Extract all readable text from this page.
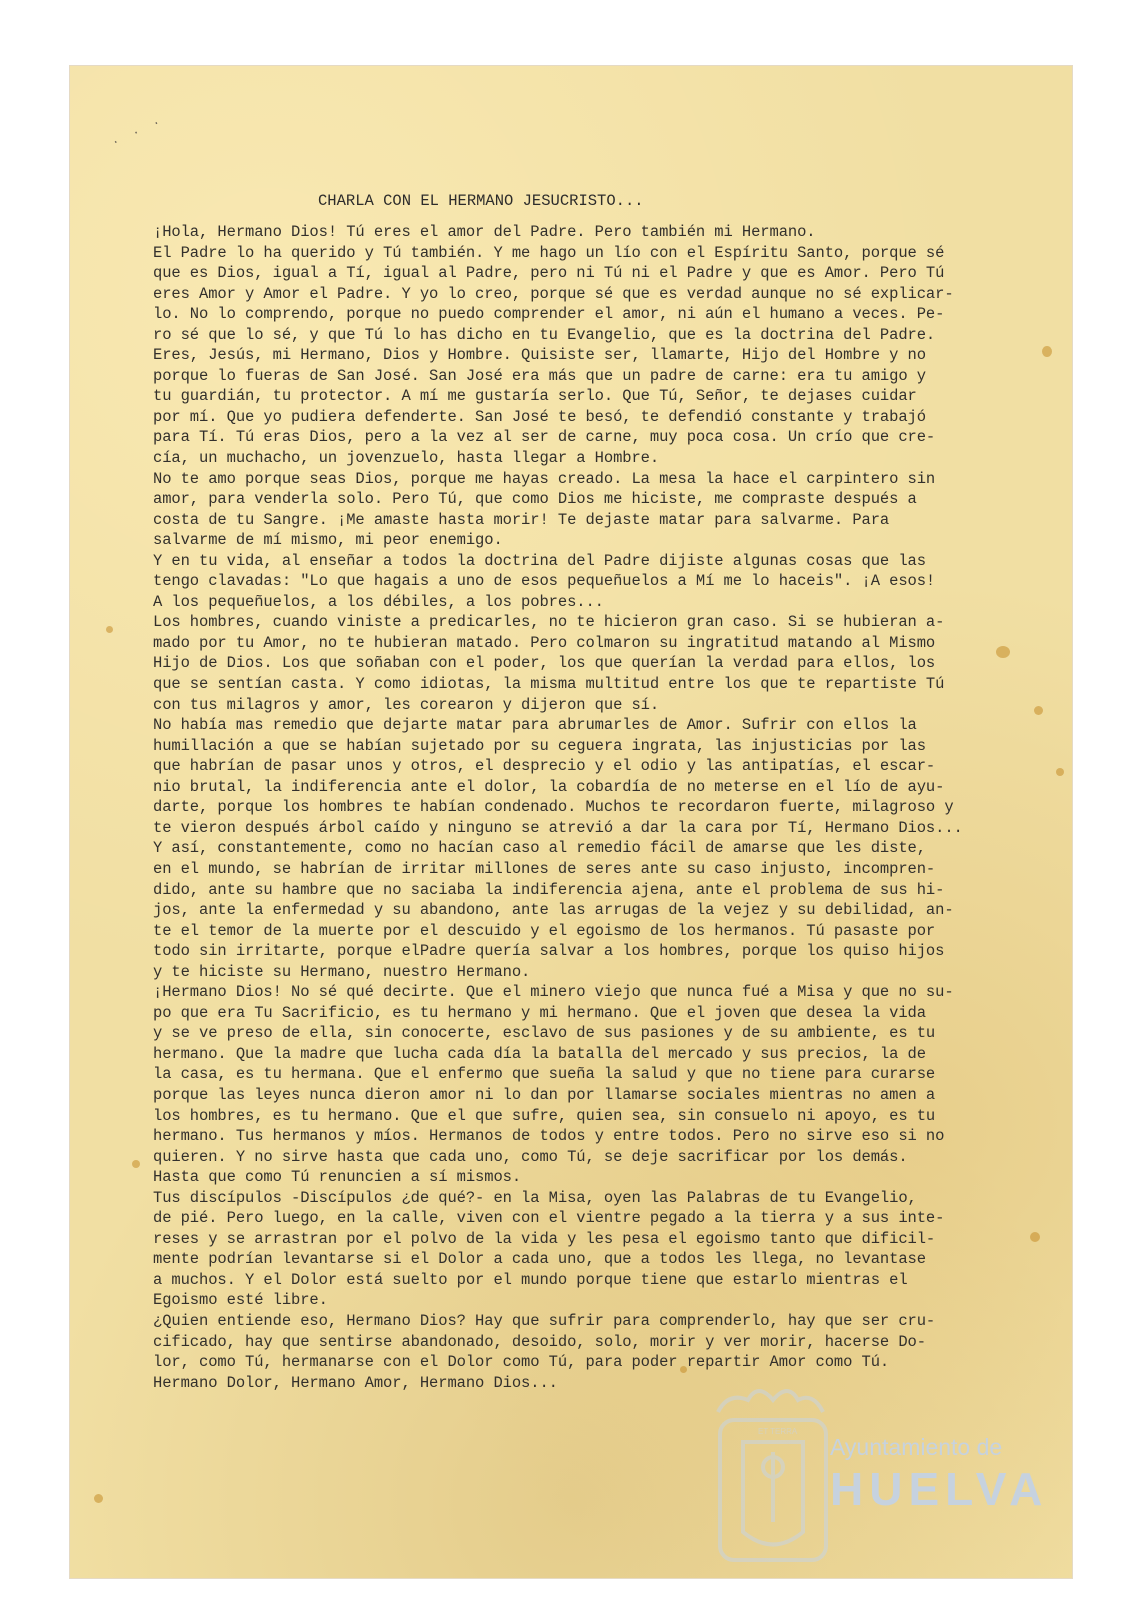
· · ·
CHARLA CON EL HERMANO JESUCRISTO...
¡Hola, Hermano Dios! Tú eres el amor del Padre. Pero también mi Hermano.
El Padre lo ha querido y Tú también. Y me hago un lío con el Espíritu Santo, porque sé
que es Dios, igual a Tí, igual al Padre, pero ni Tú ni el Padre y que es Amor. Pero Tú
eres Amor y Amor el Padre. Y yo lo creo, porque sé que es verdad aunque no sé explicar-
lo. No lo comprendo, porque no puedo comprender el amor, ni aún el humano a veces. Pe-
ro sé que lo sé, y que Tú lo has dicho en tu Evangelio, que es la doctrina del Padre.
Eres, Jesús, mi Hermano, Dios y Hombre. Quisiste ser, llamarte, Hijo del Hombre y no
porque lo fueras de San José. San José era más que un padre de carne: era tu amigo y
tu guardián, tu protector. A mí me gustaría serlo. Que Tú, Señor, te dejases cuidar
por mí. Que yo pudiera defenderte. San José te besó, te defendió constante y trabajó
para Tí. Tú eras Dios, pero a la vez al ser de carne, muy poca cosa. Un crío que cre-
cía, un muchacho, un jovenzuelo, hasta llegar a Hombre.
No te amo porque seas Dios, porque me hayas creado. La mesa la hace el carpintero sin
amor, para venderla solo. Pero Tú, que como Dios me hiciste, me compraste después a
costa de tu Sangre. ¡Me amaste hasta morir! Te dejaste matar para salvarme. Para
salvarme de mí mismo, mi peor enemigo.
Y en tu vida, al enseñar a todos la doctrina del Padre dijiste algunas cosas que las
tengo clavadas: "Lo que hagais a uno de esos pequeñuelos a Mí me lo haceis". ¡A esos!
A los pequeñuelos, a los débiles, a los pobres...
Los hombres, cuando viniste a predicarles, no te hicieron gran caso. Si se hubieran a-
mado por tu Amor, no te hubieran matado. Pero colmaron su ingratitud matando al Mismo
Hijo de Dios. Los que soñaban con el poder, los que querían la verdad para ellos, los
que se sentían casta. Y como idiotas, la misma multitud entre los que te repartiste Tú
con tus milagros y amor, les corearon y dijeron que sí.
No había mas remedio que dejarte matar para abrumarles de Amor. Sufrir con ellos la
humillación a que se habían sujetado por su ceguera ingrata, las injusticias por las
que habrían de pasar unos y otros, el desprecio y el odio y las antipatías, el escar-
nio brutal, la indiferencia ante el dolor, la cobardía de no meterse en el lío de ayu-
darte, porque los hombres te habían condenado. Muchos te recordaron fuerte, milagroso y
te vieron después árbol caído y ninguno se atrevió a dar la cara por Tí, Hermano Dios...
Y así, constantemente, como no hacían caso al remedio fácil de amarse que les diste,
en el mundo, se habrían de irritar millones de seres ante su caso injusto, incompren-
dido, ante su hambre que no saciaba la indiferencia ajena, ante el problema de sus hi-
jos, ante la enfermedad y su abandono, ante las arrugas de la vejez y su debilidad, an-
te el temor de la muerte por el descuido y el egoismo de los hermanos. Tú pasaste por
todo sin irritarte, porque elPadre quería salvar a los hombres, porque los quiso hijos
y te hiciste su Hermano, nuestro Hermano.
¡Hermano Dios! No sé qué decirte. Que el minero viejo que nunca fué a Misa y que no su-
po que era Tu Sacrificio, es tu hermano y mi hermano. Que el joven que desea la vida
y se ve preso de ella, sin conocerte, esclavo de sus pasiones y de su ambiente, es tu
hermano. Que la madre que lucha cada día la batalla del mercado y sus precios, la de
la casa, es tu hermana. Que el enfermo que sueña la salud y que no tiene para curarse
porque las leyes nunca dieron amor ni lo dan por llamarse sociales mientras no amen a
los hombres, es tu hermano. Que el que sufre, quien sea, sin consuelo ni apoyo, es tu
hermano. Tus hermanos y míos. Hermanos de todos y entre todos. Pero no sirve eso si no
quieren. Y no sirve hasta que cada uno, como Tú, se deje sacrificar por los demás.
Hasta que como Tú renuncien a sí mismos.
Tus discípulos -Discípulos ¿de qué?- en la Misa, oyen las Palabras de tu Evangelio,
de pié. Pero luego, en la calle, viven con el vientre pegado a la tierra y a sus inte-
reses y se arrastran por el polvo de la vida y les pesa el egoismo tanto que dificil-
mente podrían levantarse si el Dolor a cada uno, que a todos les llega, no levantase
a muchos. Y el Dolor está suelto por el mundo porque tiene que estarlo mientras el
Egoismo esté libre.
¿Quien entiende eso, Hermano Dios? Hay que sufrir para comprenderlo, hay que ser cru-
cificado, hay que sentirse abandonado, desoido, solo, morir y ver morir, hacerse Do-
lor, como Tú, hermanarse con el Dolor como Tú, para poder repartir Amor como Tú.
Hermano Dolor, Hermano Amor, Hermano Dios...
ET TERRA
Ayuntamiento de
HUELVA
